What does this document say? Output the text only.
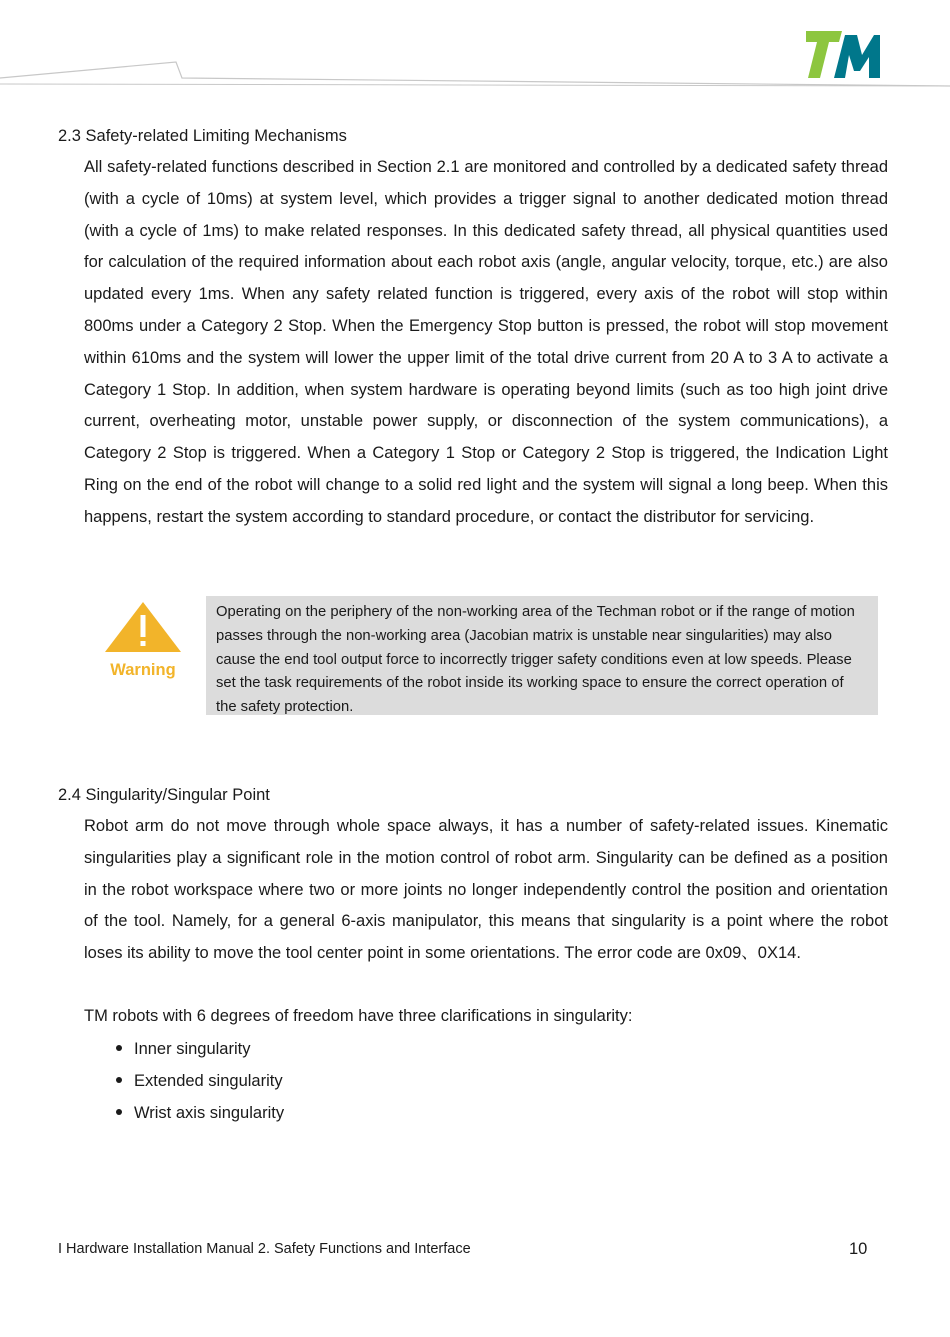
2.3 Safety-related Limiting Mechanisms
All safety-related functions described in Section 2.1 are monitored and controlled by a dedicated safety thread (with a cycle of 10ms) at system level, which provides a trigger signal to another dedicated motion thread (with a cycle of 1ms) to make related responses. In this dedicated safety thread, all physical quantities used for calculation of the required information about each robot axis (angle, angular velocity, torque, etc.) are also updated every 1ms. When any safety related function is triggered, every axis of the robot will stop within 800ms under a Category 2 Stop. When the Emergency Stop button is pressed, the robot will stop movement within 610ms and the system will lower the upper limit of the total drive current from 20 A to 3 A to activate a Category 1 Stop. In addition, when system hardware is operating beyond limits (such as too high joint drive current, overheating motor, unstable power supply, or disconnection of the system communications), a Category 2 Stop is triggered. When a Category 1 Stop or Category 2 Stop is triggered, the Indication Light Ring on the end of the robot will change to a solid red light and the system will signal a long beep. When this happens, restart the system according to standard procedure, or contact the distributor for servicing.
Warning
Operating on the periphery of the non-working area of the Techman robot or if the range of motion passes through the non-working area (Jacobian matrix is unstable near singularities) may also cause the end tool output force to incorrectly trigger safety conditions even at low speeds. Please set the task requirements of the robot inside its working space to ensure the correct operation of the safety protection.
2.4 Singularity/Singular Point
Robot arm do not move through whole space always, it has a number of safety-related issues. Kinematic singularities play a significant role in the motion control of robot arm. Singularity can be defined as a position in the robot workspace where two or more joints no longer independently control the position and orientation of the tool. Namely, for a general 6-axis manipulator, this means that singularity is a point where the robot loses its ability to move the tool center point in some orientations. The error code are 0x09、0X14.
TM robots with 6 degrees of freedom have three clarifications in singularity:
Inner singularity
Extended singularity
Wrist axis singularity
I Hardware Installation Manual 2. Safety Functions and Interface	10
